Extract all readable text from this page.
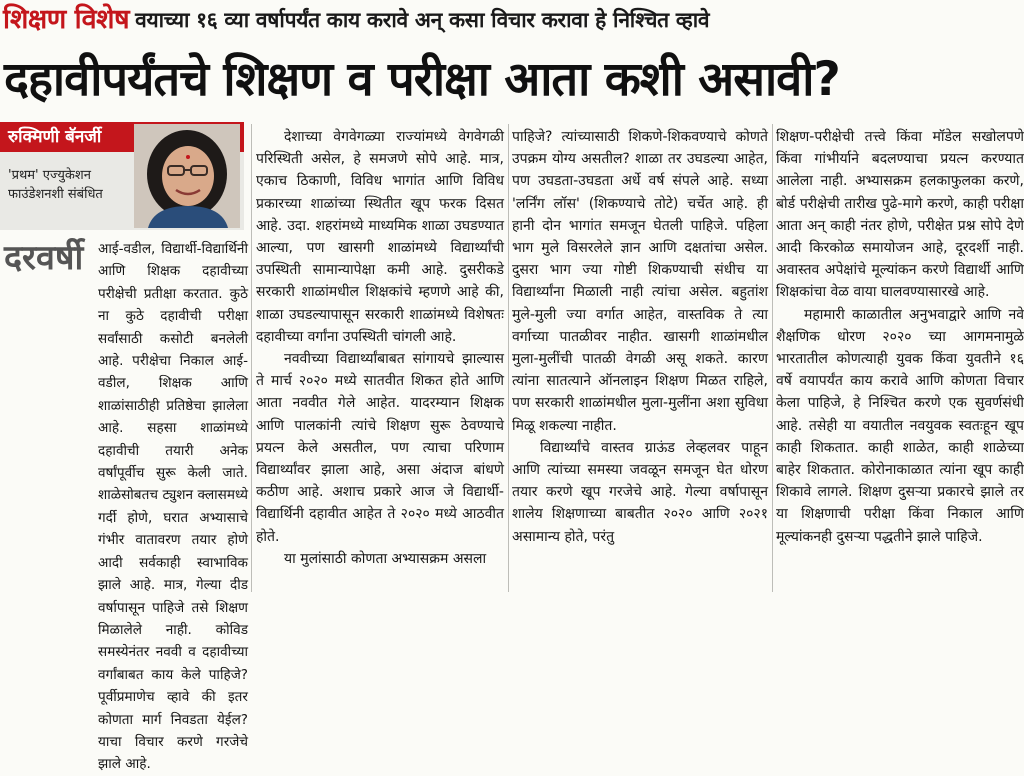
शिक्षण विशेष वयाच्या १६ व्या वर्षापर्यंत काय करावे अन् कसा विचार करावा हे निश्चित व्हावे
दहावीपर्यंतचे शिक्षण व परीक्षा आता कशी असावी?
रुक्मिणी बॅनर्जी
'प्रथम' एज्युकेशन फाउंडेशनशी संबंधित
दरवर्षी	आई-वडील, विद्यार्थी-विद्यार्थिनी आणि शिक्षक दहावीच्या परीक्षेची प्रतीक्षा करतात. कुठे ना कुठे दहावीची परीक्षा सर्वांसाठी कसोटी बनलेली आहे. परीक्षेचा निकाल आई-वडील, शिक्षक आणि शाळांसाठीही प्रतिष्ठेचा झालेला आहे. सहसा शाळांमध्ये दहावीची तयारी अनेक वर्षांपूर्वीच सुरू केली जाते. शाळेसोबतच ट्युशन क्लासमध्ये गर्दी होणे, घरात अभ्यासाचे गंभीर वातावरण तयार होणे आदी सर्वकाही स्वाभाविक झाले आहे. मात्र, गेल्या दीड वर्षापासून पाहिजे तसे शिक्षण मिळालेले नाही. कोविड समस्येनंतर नववी व दहावीच्या वर्गांबाबत काय केले पाहिजे? पूर्वीप्रमाणेच व्हावे की इतर कोणता मार्ग निवडता येईल? याचा विचार करणे गरजेचे झाले आहे.

देशाच्या वेगवेगळ्या राज्यांमध्ये वेगवेगळी परिस्थिती असेल, हे समजणे सोपे आहे. मात्र, एकाच ठिकाणी, विविध भागांत आणि विविध प्रकारच्या शाळांच्या स्थितीत खूप फरक दिसत आहे. उदा. शहरांमध्ये माध्यमिक शाळा उघडण्यात आल्या, पण खासगी शाळांमध्ये विद्यार्थ्यांची उपस्थिती सामान्यापेक्षा कमी आहे. दुसरीकडे सरकारी शाळांमधील शिक्षकांचे म्हणणे आहे की, शाळा उघडल्यापासून सरकारी शाळांमध्ये विशेषतः दहावीच्या वर्गांना उपस्थिती चांगली आहे.

नववीच्या विद्यार्थ्यांबाबत सांगायचे झाल्यास ते मार्च २०२० मध्ये सातवीत शिकत होते आणि आता नववीत गेले आहेत. यादरम्यान शिक्षक आणि पालकांनी त्यांचे शिक्षण सुरू ठेवण्याचे प्रयत्न केले असतील, पण त्याचा परिणाम विद्यार्थ्यांवर झाला आहे, असा अंदाज बांधणे कठीण आहे. अशाच प्रकारे आज जे विद्यार्थी-विद्यार्थिनी दहावीत आहेत ते २०२० मध्ये आठवीत होते.

या मुलांसाठी कोणता अभ्यासक्रम असला

पाहिजे? त्यांच्यासाठी शिकणे-शिकवण्याचे कोणते उपक्रम योग्य असतील? शाळा तर उघडल्या आहेत, पण उघडता-उघडता अर्धे वर्ष संपले आहे. सध्या 'लर्निंग लॉस' (शिकण्याचे तोटे) चर्चेत आहे. ही हानी दोन भागांत समजून घेतली पाहिजे. पहिला भाग मुले विसरलेले ज्ञान आणि दक्षतांचा असेल. दुसरा भाग ज्या गोष्टी शिकण्याची संधीच या विद्यार्थ्यांना मिळाली नाही त्यांचा असेल. बहुतांश मुले-मुली ज्या वर्गात आहेत, वास्तविक ते त्या वर्गाच्या पातळीवर नाहीत. खासगी शाळांमधील मुला-मुलींची पातळी वेगळी असू शकते. कारण त्यांना सातत्याने ऑनलाइन शिक्षण मिळत राहिले, पण सरकारी शाळांमधील मुला-मुलींना अशा सुविधा मिळू शकल्या नाहीत.

विद्यार्थ्यांचे वास्तव ग्राऊंड लेव्हलवर पाहून आणि त्यांच्या समस्या जवळून समजून घेत धोरण तयार करणे खूप गरजेचे आहे. गेल्या वर्षापासून शालेय शिक्षणाच्या बाबतीत २०२० आणि २०२१ असामान्य होते, परंतु

शिक्षण-परीक्षेची तत्त्वे किंवा मॉडेल सखोलपणे किंवा गांभीर्याने बदलण्याचा प्रयत्न करण्यात आलेला नाही. अभ्यासक्रम हलकाफुलका करणे, बोर्ड परीक्षेची तारीख पुढे-मागे करणे, काही परीक्षा आता अन् काही नंतर होणे, परीक्षेत प्रश्न सोपे देणे आदी किरकोळ समायोजन आहे, दूरदर्शी नाही. अवास्तव अपेक्षांचे मूल्यांकन करणे विद्यार्थी आणि शिक्षकांचा वेळ वाया घालवण्यासारखे आहे.

महामारी काळातील अनुभवाद्वारे आणि नवे शैक्षणिक धोरण २०२० च्या आगमनामुळे भारतातील कोणत्याही युवक किंवा युवतीने १६ वर्षे वयापर्यंत काय करावे आणि कोणता विचार केला पाहिजे, हे निश्चित करणे एक सुवर्णसंधी आहे. तसेही या वयातील नवयुवक स्वतःहून खूप काही शिकतात. काही शाळेत, काही शाळेच्या बाहेर शिकतात. कोरोनाकाळात त्यांना खूप काही शिकावे लागले. शिक्षण दुसऱ्या प्रकारचे झाले तर या शिक्षणाची परीक्षा किंवा निकाल आणि मूल्यांकनही दुसऱ्या पद्धतीने झाले पाहिजे.
